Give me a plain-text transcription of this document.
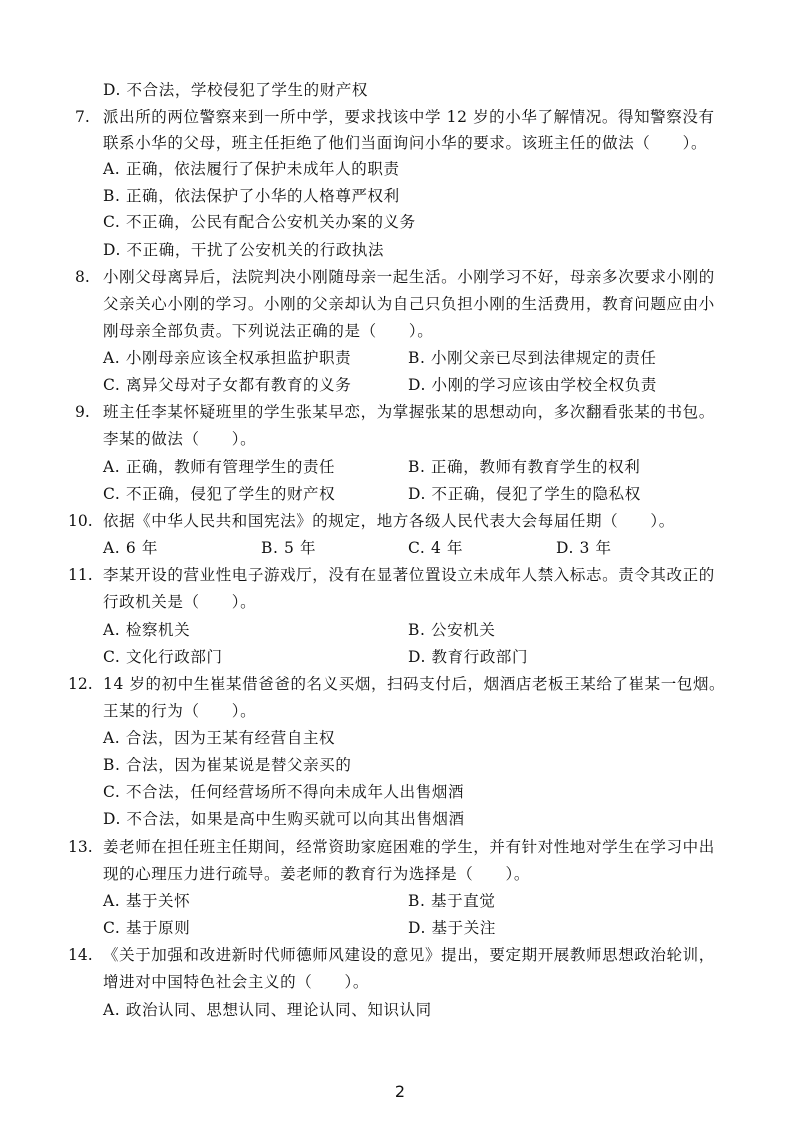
D. 不合法，学校侵犯了学生的财产权
7. 派出所的两位警察来到一所中学，要求找该中学 12 岁的小华了解情况。得知警察没有
联系小华的父母，班主任拒绝了他们当面询问小华的要求。该班主任的做法（　　）。
A. 正确，依法履行了保护未成年人的职责
B. 正确，依法保护了小华的人格尊严权利
C. 不正确，公民有配合公安机关办案的义务
D. 不正确，干扰了公安机关的行政执法
8. 小刚父母离异后，法院判决小刚随母亲一起生活。小刚学习不好，母亲多次要求小刚的
父亲关心小刚的学习。小刚的父亲却认为自己只负担小刚的生活费用，教育问题应由小
刚母亲全部负责。下列说法正确的是（　　）。
A. 小刚母亲应该全权承担监护职责	B. 小刚父亲已尽到法律规定的责任
C. 离异父母对子女都有教育的义务	D. 小刚的学习应该由学校全权负责
9. 班主任李某怀疑班里的学生张某早恋，为掌握张某的思想动向，多次翻看张某的书包。
李某的做法（　　）。
A. 正确，教师有管理学生的责任	B. 正确，教师有教育学生的权利
C. 不正确，侵犯了学生的财产权	D. 不正确，侵犯了学生的隐私权
10. 依据《中华人民共和国宪法》的规定，地方各级人民代表大会每届任期（　　）。
A. 6 年	B. 5 年	C. 4 年	D. 3 年
11. 李某开设的营业性电子游戏厅，没有在显著位置设立未成年人禁入标志。责令其改正的
行政机关是（　　）。
A. 检察机关	B. 公安机关
C. 文化行政部门	D. 教育行政部门
12. 14 岁的初中生崔某借爸爸的名义买烟，扫码支付后，烟酒店老板王某给了崔某一包烟。
王某的行为（　　）。
A. 合法，因为王某有经营自主权
B. 合法，因为崔某说是替父亲买的
C. 不合法，任何经营场所不得向未成年人出售烟酒
D. 不合法，如果是高中生购买就可以向其出售烟酒
13. 姜老师在担任班主任期间，经常资助家庭困难的学生，并有针对性地对学生在学习中出
现的心理压力进行疏导。姜老师的教育行为选择是（　　）。
A. 基于关怀	B. 基于直觉
C. 基于原则	D. 基于关注
14. 《关于加强和改进新时代师德师风建设的意见》提出，要定期开展教师思想政治轮训，
增进对中国特色社会主义的（　　）。
A. 政治认同、思想认同、理论认同、知识认同
2
